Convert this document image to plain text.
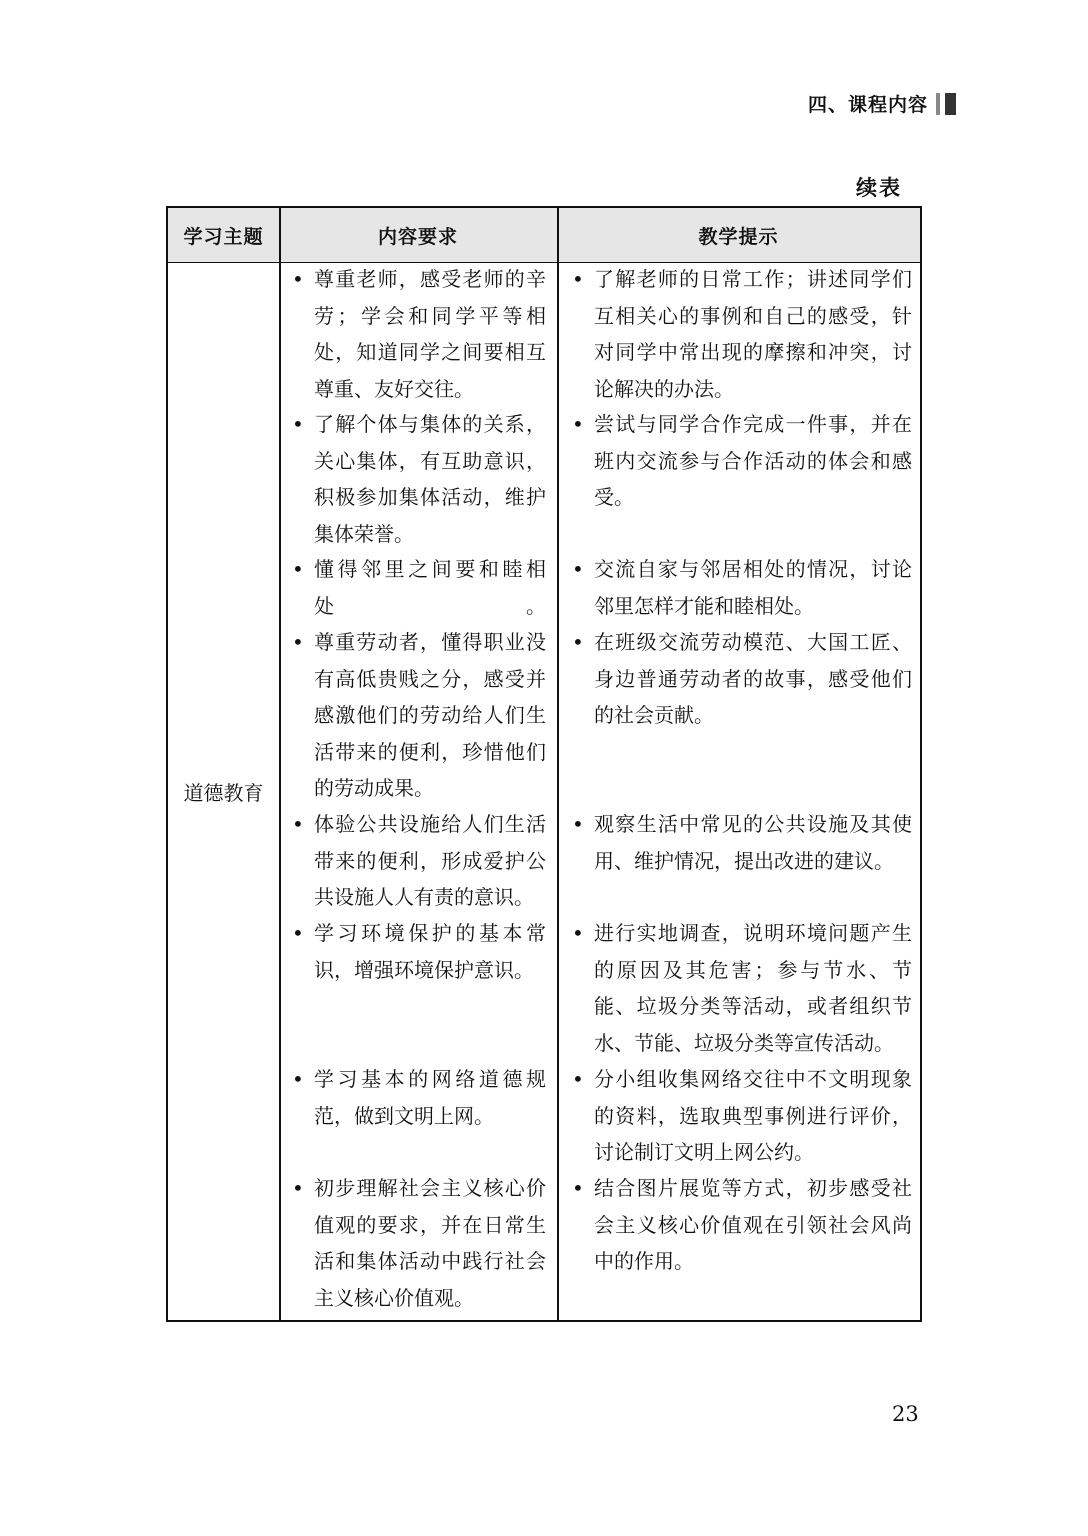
四、课程内容
续表
学习主题	内容要求	教学提示
道德教育
• 尊重老师，感受老师的辛劳；学会和同学平等相处，知道同学之间要相互尊重、友好交往。
• 了解个体与集体的关系，关心集体，有互助意识，积极参加集体活动，维护集体荣誉。
• 懂得邻里之间要和睦相处。
• 尊重劳动者，懂得职业没有高低贵贱之分，感受并感激他们的劳动给人们生活带来的便利，珍惜他们的劳动成果。
• 体验公共设施给人们生活带来的便利，形成爱护公共设施人人有责的意识。
• 学习环境保护的基本常识，增强环境保护意识。
• 学习基本的网络道德规范，做到文明上网。
• 初步理解社会主义核心价值观的要求，并在日常生活和集体活动中践行社会主义核心价值观。
• 了解老师的日常工作；讲述同学们互相关心的事例和自己的感受，针对同学中常出现的摩擦和冲突，讨论解决的办法。
• 尝试与同学合作完成一件事，并在班内交流参与合作活动的体会和感受。
• 交流自家与邻居相处的情况，讨论邻里怎样才能和睦相处。
• 在班级交流劳动模范、大国工匠、身边普通劳动者的故事，感受他们的社会贡献。
• 观察生活中常见的公共设施及其使用、维护情况，提出改进的建议。
• 进行实地调查，说明环境问题产生的原因及其危害；参与节水、节能、垃圾分类等活动，或者组织节水、节能、垃圾分类等宣传活动。
• 分小组收集网络交往中不文明现象的资料，选取典型事例进行评价，讨论制订文明上网公约。
• 结合图片展览等方式，初步感受社会主义核心价值观在引领社会风尚中的作用。
23
